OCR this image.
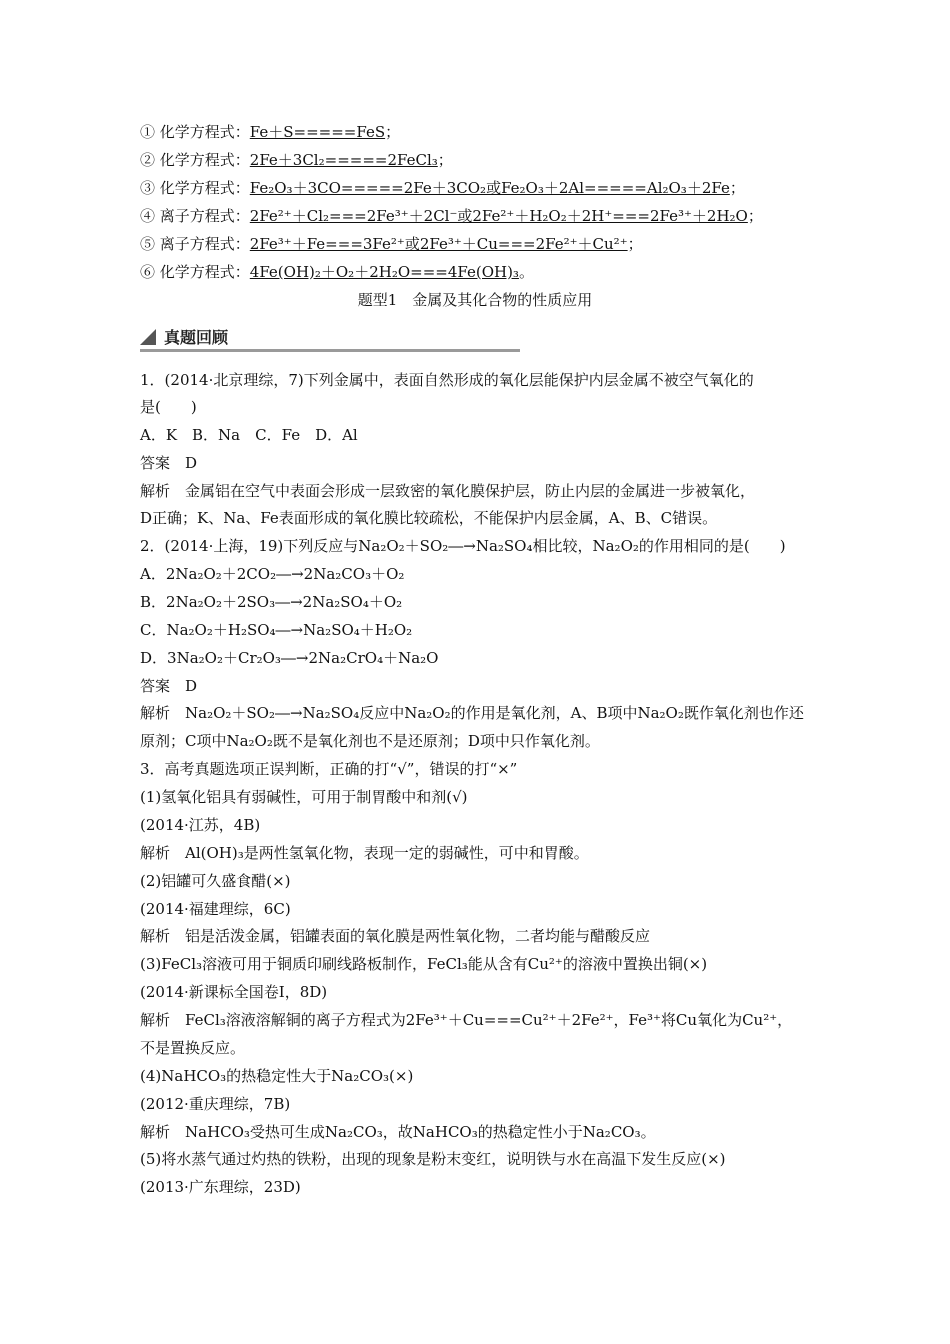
① 化学方程式：Fe＋S=====FeS；
② 化学方程式：2Fe＋3Cl₂=====2FeCl₃；
③ 化学方程式：Fe₂O₃＋3CO=====2Fe＋3CO₂或Fe₂O₃＋2Al=====Al₂O₃＋2Fe；
④ 离子方程式：2Fe²⁺＋Cl₂===2Fe³⁺＋2Cl⁻或2Fe²⁺＋H₂O₂＋2H⁺===2Fe³⁺＋2H₂O；
⑤ 离子方程式：2Fe³⁺＋Fe===3Fe²⁺或2Fe³⁺＋Cu===2Fe²⁺＋Cu²⁺；
⑥ 化学方程式：4Fe(OH)₂＋O₂＋2H₂O===4Fe(OH)₃。
题型1　金属及其化合物的性质应用
真题回顾
1．(2014·北京理综，7)下列金属中，表面自然形成的氧化层能保护内层金属不被空气氧化的
是(　　)
A．K　B．Na　C．Fe　D．Al
答案　D
解析　金属铝在空气中表面会形成一层致密的氧化膜保护层，防止内层的金属进一步被氧化，
D正确；K、Na、Fe表面形成的氧化膜比较疏松，不能保护内层金属，A、B、C错误。
2．(2014·上海，19)下列反应与Na₂O₂＋SO₂―→Na₂SO₄相比较，Na₂O₂的作用相同的是(　　)
A．2Na₂O₂＋2CO₂―→2Na₂CO₃＋O₂
B．2Na₂O₂＋2SO₃―→2Na₂SO₄＋O₂
C．Na₂O₂＋H₂SO₄―→Na₂SO₄＋H₂O₂
D．3Na₂O₂＋Cr₂O₃―→2Na₂CrO₄＋Na₂O
答案　D
解析　Na₂O₂＋SO₂―→Na₂SO₄反应中Na₂O₂的作用是氧化剂，A、B项中Na₂O₂既作氧化剂也作还
原剂；C项中Na₂O₂既不是氧化剂也不是还原剂；D项中只作氧化剂。
3．高考真题选项正误判断，正确的打“√”，错误的打“×”
(1)氢氧化铝具有弱碱性，可用于制胃酸中和剂(√)
(2014·江苏，4B)
解析　Al(OH)₃是两性氢氧化物，表现一定的弱碱性，可中和胃酸。
(2)铝罐可久盛食醋(×)
(2014·福建理综，6C)
解析　铝是活泼金属，铝罐表面的氧化膜是两性氧化物，二者均能与醋酸反应
(3)FeCl₃溶液可用于铜质印刷线路板制作，FeCl₃能从含有Cu²⁺的溶液中置换出铜(×)
(2014·新课标全国卷Ⅰ，8D)
解析　FeCl₃溶液溶解铜的离子方程式为2Fe³⁺＋Cu===Cu²⁺＋2Fe²⁺，Fe³⁺将Cu氧化为Cu²⁺，
不是置换反应。
(4)NaHCO₃的热稳定性大于Na₂CO₃(×)
(2012·重庆理综，7B)
解析　NaHCO₃受热可生成Na₂CO₃，故NaHCO₃的热稳定性小于Na₂CO₃。
(5)将水蒸气通过灼热的铁粉，出现的现象是粉末变红，说明铁与水在高温下发生反应(×)
(2013·广东理综，23D)
